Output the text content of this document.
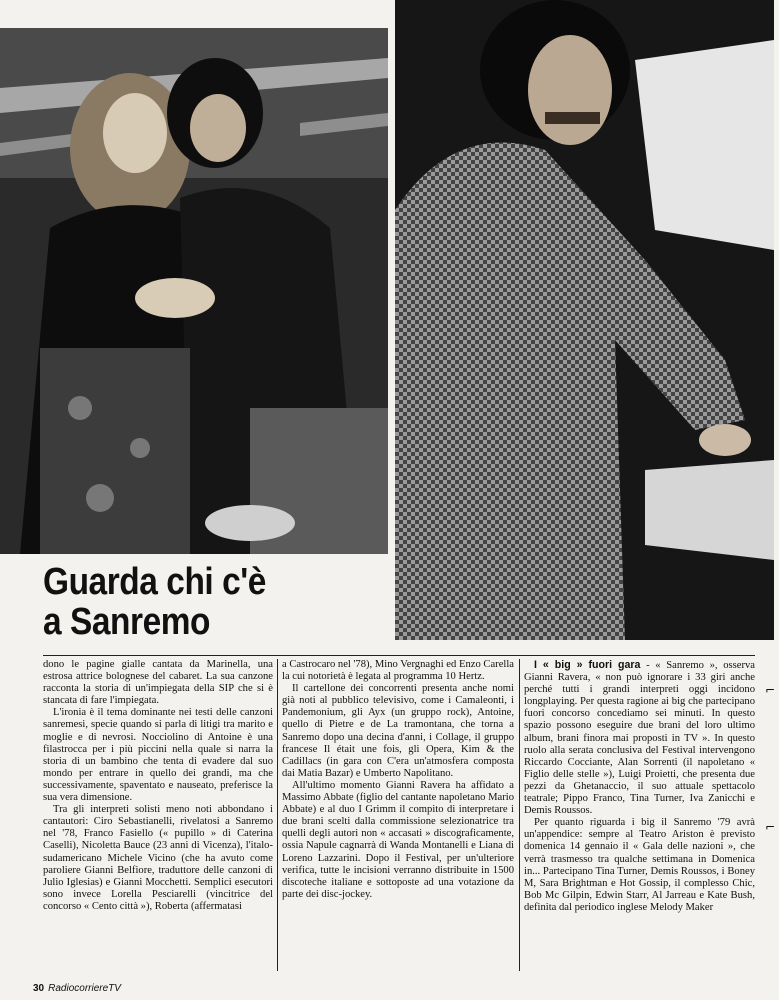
Guarda chi c'è
a Sanremo
⌐
⌐

dono le pagine gialle cantata da Marinella, una estrosa attrice bolognese del cabaret. La sua canzone racconta la storia di un'impiegata della SIP che si è stancata di fare l'impiegata.

L'ironia è il tema dominante nei testi delle canzoni sanremesi, specie quando si parla di litigi tra marito e moglie e di nevrosi. Nocciolino di Antoine è una filastrocca per i più piccini nella quale si narra la storia di un bambino che tenta di evadere dal suo mondo per entrare in quello dei grandi, ma che successivamente, spaventato e nauseato, preferisce la sua vera dimensione.

Tra gli interpreti solisti meno noti abbondano i cantautori: Ciro Sebastianelli, rivelatosi a Sanremo nel '78, Franco Fasiello (« pupillo » di Caterina Caselli), Nicoletta Bauce (23 anni di Vicenza), l'italo-sudamericano Michele Vicino (che ha avuto come paroliere Gianni Belfiore, traduttore delle canzoni di Julio Iglesias) e Gianni Mocchetti. Semplici esecutori sono invece Lorella Pesciarelli (vincitrice del concorso « Cento città »), Roberta (affermatasi

a Castrocaro nel '78), Mino Vergnaghi ed Enzo Carella la cui notorietà è legata al programma 10 Hertz.

Il cartellone dei concorrenti presenta anche nomi già noti al pubblico televisivo, come i Camaleonti, i Pandemonium, gli Ayx (un gruppo rock), Antoine, quello di Pietre e de La tramontana, che torna a Sanremo dopo una decina d'anni, i Collage, il gruppo francese Il était une fois, gli Opera, Kim & the Cadillacs (in gara con C'era un'atmosfera composta dai Matia Bazar) e Umberto Napolitano.

All'ultimo momento Gianni Ravera ha affidato a Massimo Abbate (figlio del cantante napoletano Mario Abbate) e al duo I Grimm il compito di interpretare i due brani scelti dalla commissione selezionatrice tra quelli degli autori non « accasati » discograficamente, ossia Napule cagnarrà di Wanda Montanelli e Liana di Loreno Lazzarini. Dopo il Festival, per un'ulteriore verifica, tutte le incisioni verranno distribuite in 1500 discoteche italiane e sottoposte ad una votazione da parte dei disc-jockey.

I « big » fuori gara - « Sanremo », osserva Gianni Ravera, « non può ignorare i 33 giri anche perché tutti i grandi interpreti oggi incidono longplaying. Per questa ragione ai big che partecipano fuori concorso concediamo sei minuti. In questo spazio possono eseguire due brani del loro ultimo album, brani finora mai proposti in TV ». In questo ruolo alla serata conclusiva del Festival intervengono Riccardo Cocciante, Alan Sorrenti (il napoletano « Figlio delle stelle »), Luigi Proietti, che presenta due pezzi da Ghetanaccio, il suo attuale spettacolo teatrale; Pippo Franco, Tina Turner, Iva Zanicchi e Demis Roussos.

Per quanto riguarda i big il Sanremo '79 avrà un'appendice: sempre al Teatro Ariston è previsto domenica 14 gennaio il « Gala delle nazioni », che verrà trasmesso tra qualche settimana in Domenica in... Partecipano Tina Turner, Demis Roussos, i Boney M, Sara Brightman e Hot Gossip, il complesso Chic, Bob Mc Gilpin, Edwin Starr, Al Jarreau e Kate Bush, definita dal periodico inglese Melody Maker

30 RadiocorriereTV
